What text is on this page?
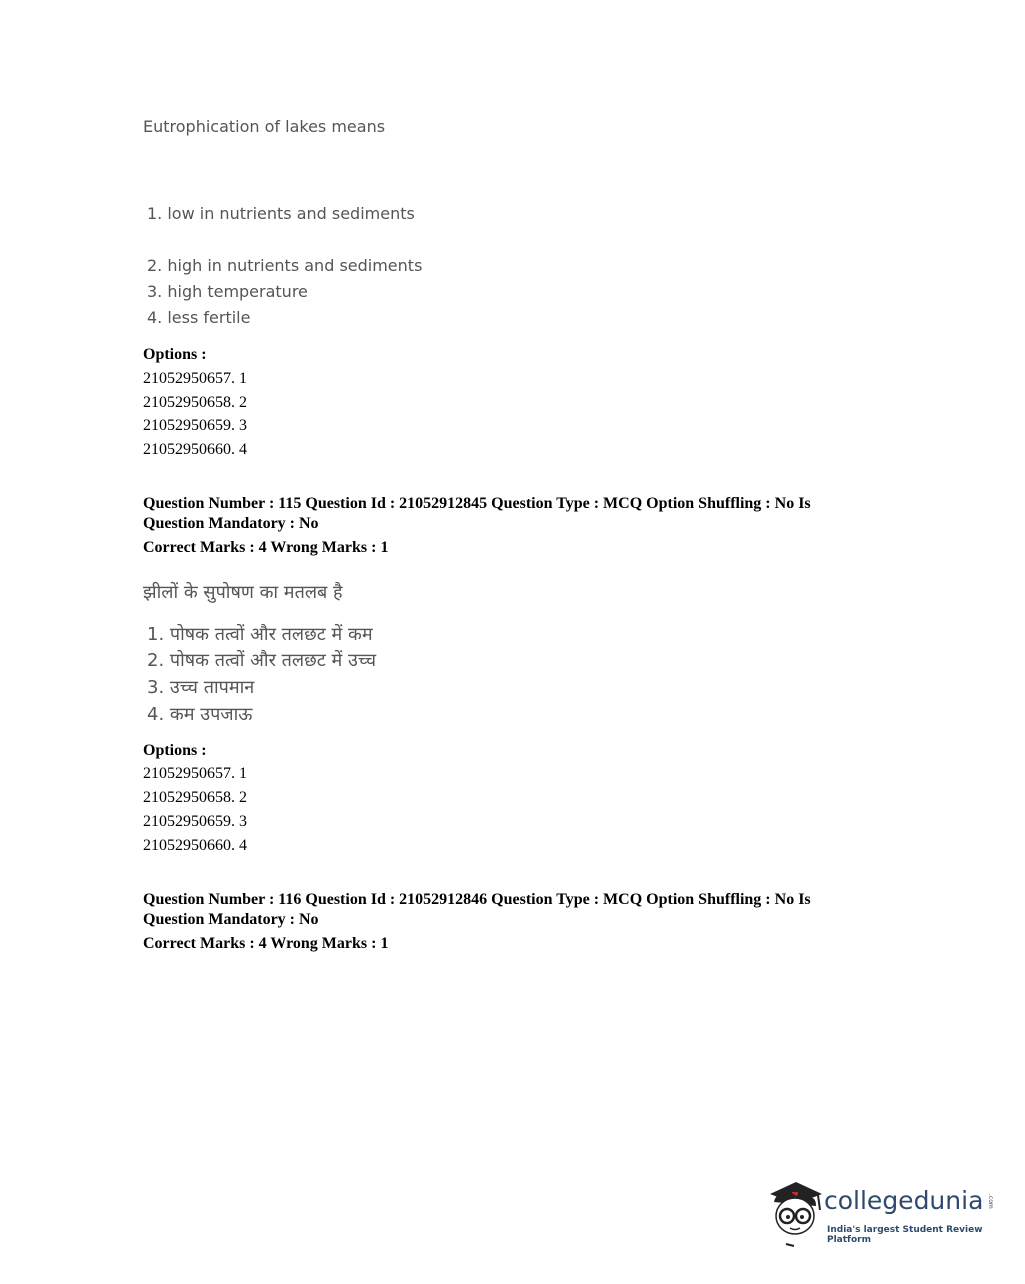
Eutrophication of lakes means
1. low in nutrients and sediments
2. high in nutrients and sediments
3. high temperature
4. less fertile
Options :
21052950657. 1
21052950658. 2
21052950659. 3
21052950660. 4
Question Number : 115 Question Id : 21052912845 Question Type : MCQ Option Shuffling : No Is
Question Mandatory : No
Correct Marks : 4 Wrong Marks : 1
झीलों के सुपोषण का मतलब है
1. पोषक तत्वों और तलछट में कम
2. पोषक तत्वों और तलछट में उच्च
3. उच्च तापमान
4. कम उपजाऊ
Options :
21052950657. 1
21052950658. 2
21052950659. 3
21052950660. 4
Question Number : 116 Question Id : 21052912846 Question Type : MCQ Option Shuffling : No Is
Question Mandatory : No
Correct Marks : 4 Wrong Marks : 1
collegedunia .com
India's largest Student Review Platform
